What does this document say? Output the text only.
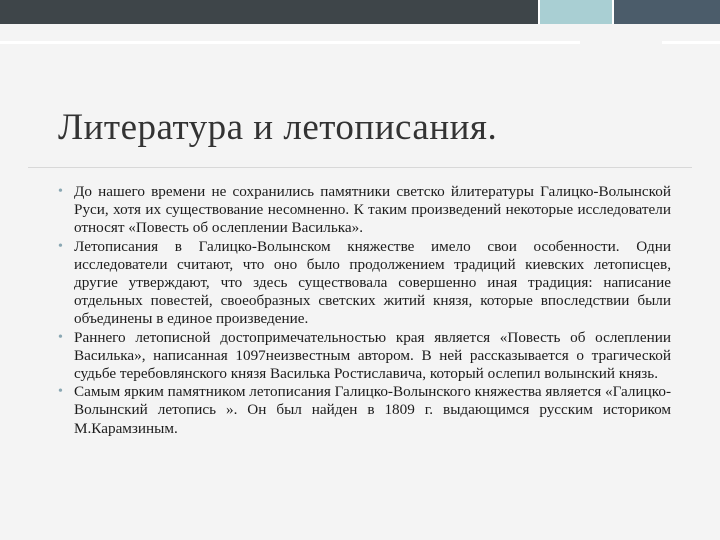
Литература и летописания.
• До нашего времени не сохранились памятники светско йлитературы Галицко-Волынской Руси, хотя их существование несомненно. К таким произведений некоторые исследователи относят «Повесть об ослеплении Василька».
• Летописания в Галицко-Волынском княжестве имело свои особенности. Одни исследователи считают, что оно было продолжением традиций киевских летописцев, другие утверждают, что здесь существовала совершенно иная традиция: написание отдельных повестей, своеобразных светских житий князя, которые впоследствии были объединены в единое произведение.
• Раннего летописной достопримечательностью края является «Повесть об ослеплении Василька», написанная 1097неизвестным автором. В ней рассказывается о трагической судьбе теребовлянского князя Василька Ростиславича, который ослепил волынский князь.
• Самым ярким памятником летописания Галицко-Волынского княжества является «Галицко-Волынский летопись ». Он был найден в 1809 г. выдающимся русским историком М.Карамзиным.
